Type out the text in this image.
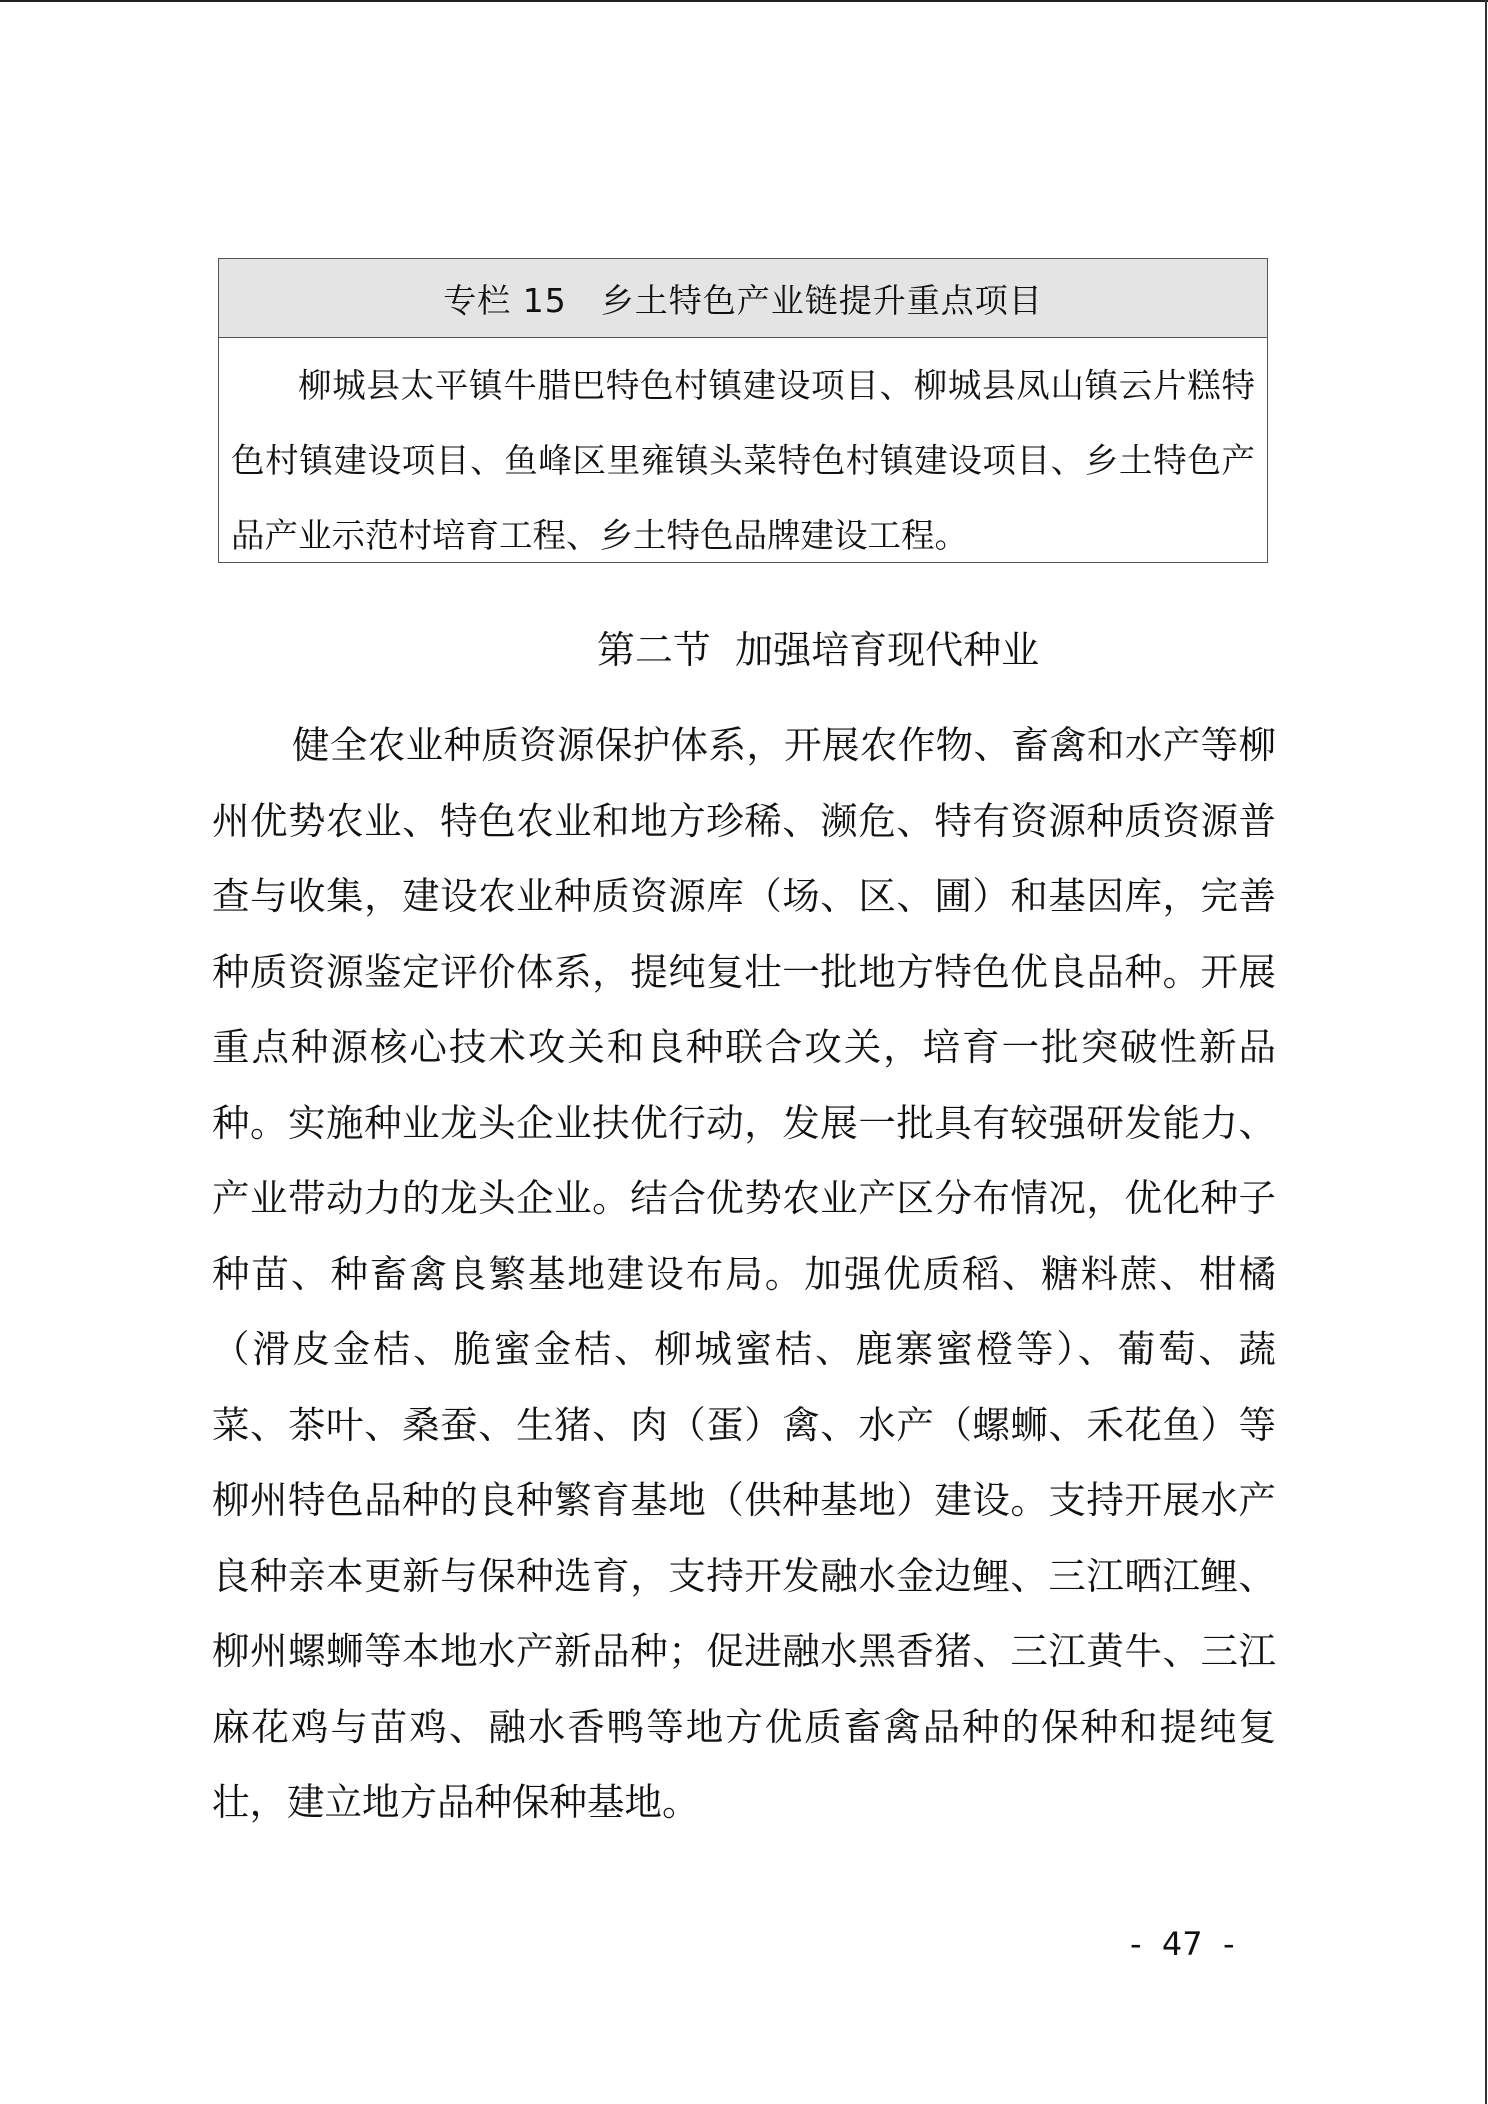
专栏 15　乡土特色产业链提升重点项目

柳城县太平镇牛腊巴特色村镇建设项目、柳城县凤山镇云片糕特色村镇建设项目、鱼峰区里雍镇头菜特色村镇建设项目、乡土特色产品产业示范村培育工程、乡土特色品牌建设工程。

第二节  加强培育现代种业

健全农业种质资源保护体系，开展农作物、畜禽和水产等柳州优势农业、特色农业和地方珍稀、濒危、特有资源种质资源普查与收集，建设农业种质资源库（场、区、圃）和基因库，完善种质资源鉴定评价体系，提纯复壮一批地方特色优良品种。开展重点种源核心技术攻关和良种联合攻关，培育一批突破性新品种。实施种业龙头企业扶优行动，发展一批具有较强研发能力、产业带动力的龙头企业。结合优势农业产区分布情况，优化种子种苗、种畜禽良繁基地建设布局。加强优质稻、糖料蔗、柑橘（滑皮金桔、脆蜜金桔、柳城蜜桔、鹿寨蜜橙等）、葡萄、蔬菜、茶叶、桑蚕、生猪、肉（蛋）禽、水产（螺蛳、禾花鱼）等柳州特色品种的良种繁育基地（供种基地）建设。支持开展水产良种亲本更新与保种选育，支持开发融水金边鲤、三江晒江鲤、柳州螺蛳等本地水产新品种；促进融水黑香猪、三江黄牛、三江麻花鸡与苗鸡、融水香鸭等地方优质畜禽品种的保种和提纯复壮，建立地方品种保种基地。

-  47  -
